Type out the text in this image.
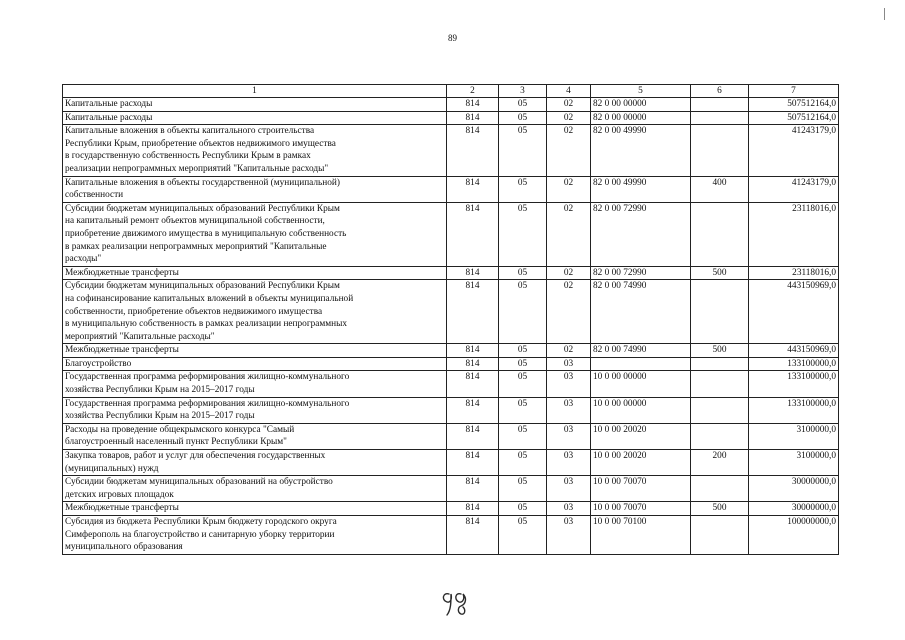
89
1	2	3	4	5	6	7
Капитальные расходы	814	05	02	82 0 00 00000		507512164,0
Капитальные расходы	814	05	02	82 0 00 00000		507512164,0
Капитальные вложения в объекты капитального строительства
Республики Крым, приобретение объектов недвижимого имущества
в государственную собственность Республики Крым в рамках
реализации непрограммных мероприятий "Капитальные расходы"	814	05	02	82 0 00 49990		41243179,0
Капитальные вложения в объекты государственной (муниципальной)
собственности	814	05	02	82 0 00 49990	400	41243179,0
Субсидии бюджетам муниципальных образований Республики Крым
на капитальный ремонт объектов муниципальной собственности,
приобретение движимого имущества в муниципальную собственность
в рамках реализации непрограммных мероприятий "Капитальные
расходы"	814	05	02	82 0 00 72990		23118016,0
Межбюджетные трансферты	814	05	02	82 0 00 72990	500	23118016,0
Субсидии бюджетам муниципальных образований Республики Крым
на софинансирование капитальных вложений в объекты муниципальной
собственности, приобретение объектов недвижимого имущества
в муниципальную собственность в рамках реализации непрограммных
мероприятий "Капитальные расходы"	814	05	02	82 0 00 74990		443150969,0
Межбюджетные трансферты	814	05	02	82 0 00 74990	500	443150969,0
Благоустройство	814	05	03			133100000,0
Государственная программа реформирования жилищно-коммунального
хозяйства Республики Крым на 2015–2017 годы	814	05	03	10 0 00 00000		133100000,0
Государственная программа реформирования жилищно-коммунального
хозяйства Республики Крым на 2015–2017 годы	814	05	03	10 0 00 00000		133100000,0
Расходы на проведение общекрымского конкурса "Самый
благоустроенный населенный пункт Республики Крым"	814	05	03	10 0 00 20020		3100000,0
Закупка товаров, работ и услуг для обеспечения государственных
(муниципальных) нужд	814	05	03	10 0 00 20020	200	3100000,0
Субсидии бюджетам муниципальных образований на обустройство
детских игровых площадок	814	05	03	10 0 00 70070		30000000,0
Межбюджетные трансферты	814	05	03	10 0 00 70070	500	30000000,0
Субсидия из бюджета Республики Крым бюджету городского округа
Симферополь на благоустройство и санитарную уборку территории
муниципального образования	814	05	03	10 0 00 70100		100000000,0
